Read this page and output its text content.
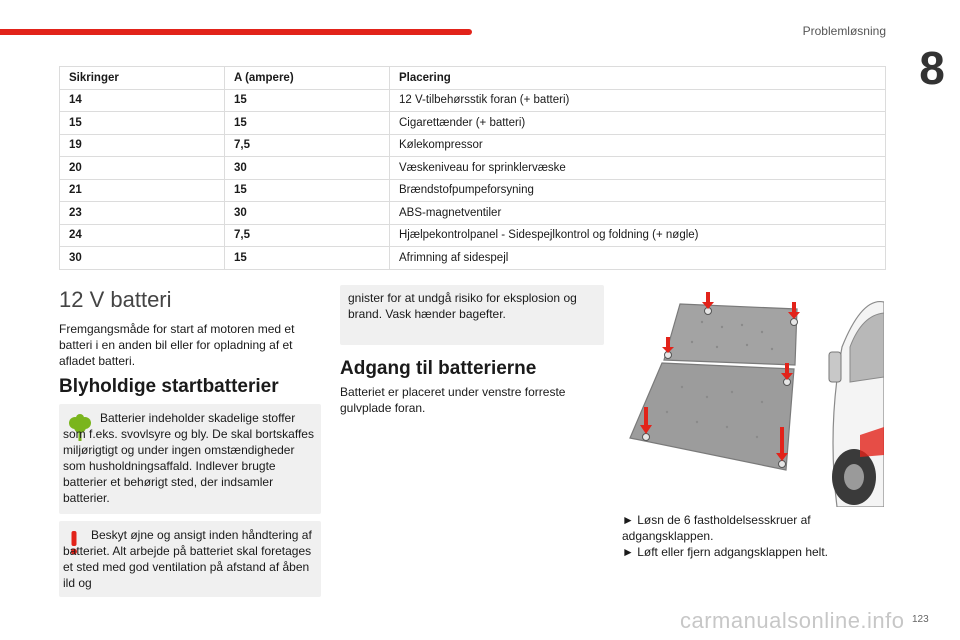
Problemløsning
8
Sikringer	A (ampere)	Placering
14	15	12 V-tilbehørsstik foran (+ batteri)
15	15	Cigarettænder (+ batteri)
19	7,5	Kølekompressor
20	30	Væskeniveau for sprinklervæske
21	15	Brændstofpumpeforsyning
23	30	ABS-magnetventiler
24	7,5	Hjælpekontrolpanel - Sidespejlkontrol og foldning (+ nøgle)
30	15	Afrimning af sidespejl
12 V batteri

Fremgangsmåde for start af motoren med et batteri i en anden bil eller for opladning af et afladet batteri.

Blyholdige startbatterier

Batterier indeholder skadelige stoffer som f.eks. svovlsyre og bly. De skal bortskaffes miljørigtigt og under ingen omstændigheder som husholdningsaffald. Indlever brugte batterier et behørigt sted, der indsamler batterier.

Beskyt øjne og ansigt inden håndtering af batteriet. Alt arbejde på batteriet skal foretages et sted med god ventilation på afstand af åben ild og

gnister for at undgå risiko for eksplosion og brand. Vask hænder bagefter.

Adgang til batterierne

Batteriet er placeret under venstre forreste gulvplade foran.

► Løsn de 6 fastholdelsesskruer af adgangsklappen.

► Løft eller fjern adgangsklappen helt.

carmanualsonline.info 123
